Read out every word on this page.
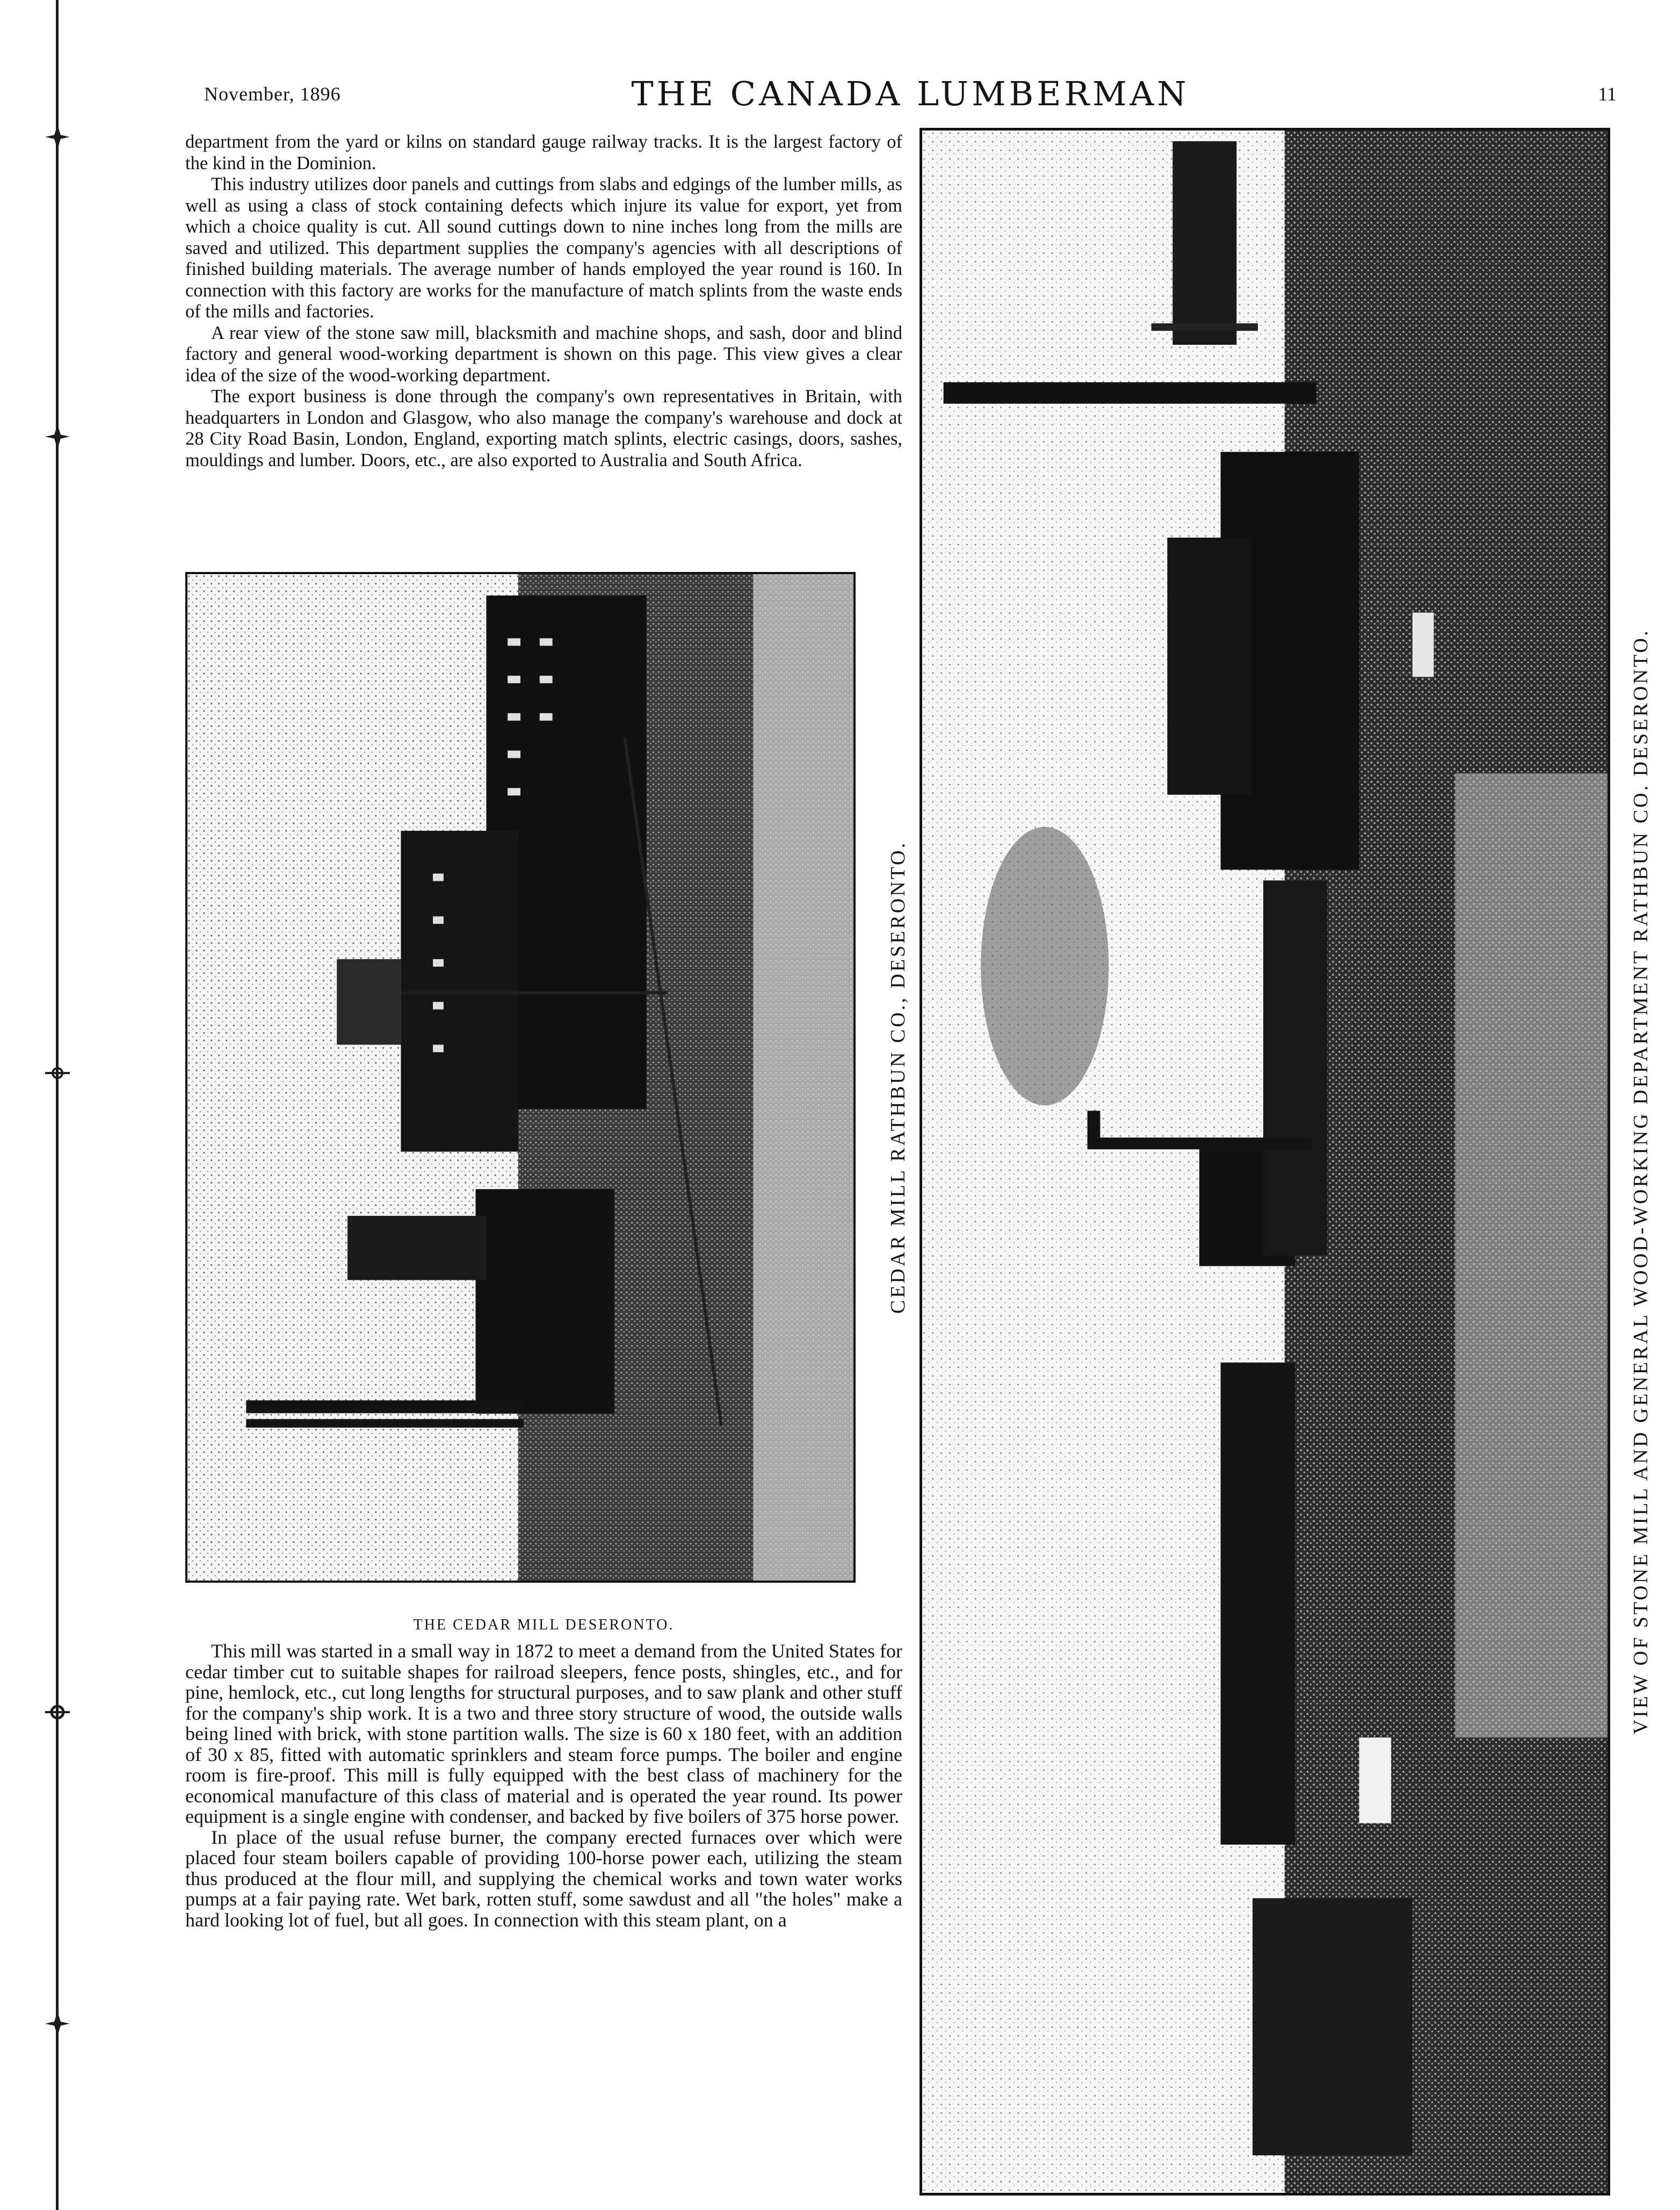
November, 1896	THE CANADA LUMBERMAN	11

department from the yard or kilns on standard gauge railway tracks. It is the largest factory of the kind in the Dominion.

This industry utilizes door panels and cuttings from slabs and edgings of the lumber mills, as well as using a class of stock containing defects which injure its value for export, yet from which a choice quality is cut. All sound cuttings down to nine inches long from the mills are saved and utilized. This department supplies the company's agencies with all descriptions of finished building materials. The average number of hands employed the year round is 160. In connection with this factory are works for the manufacture of match splints from the waste ends of the mills and factories.

A rear view of the stone saw mill, blacksmith and machine shops, and sash, door and blind factory and general wood-working department is shown on this page. This view gives a clear idea of the size of the wood-working department.

The export business is done through the company's own representatives in Britain, with headquarters in London and Glasgow, who also manage the company's warehouse and dock at 28 City Road Basin, London, England, exporting match splints, electric casings, doors, sashes, mouldings and lumber. Doors, etc., are also exported to Australia and South Africa.

CEDAR MILL RATHBUN CO., DESERONTO.
THE CEDAR MILL DESERONTO.

This mill was started in a small way in 1872 to meet a demand from the United States for cedar timber cut to suitable shapes for railroad sleepers, fence posts, shingles, etc., and for pine, hemlock, etc., cut long lengths for structural purposes, and to saw plank and other stuff for the company's ship work. It is a two and three story structure of wood, the outside walls being lined with brick, with stone partition walls. The size is 60 x 180 feet, with an addition of 30 x 85, fitted with automatic sprinklers and steam force pumps. The boiler and engine room is fire-proof. This mill is fully equipped with the best class of machinery for the economical manufacture of this class of material and is operated the year round. Its power equipment is a single engine with condenser, and backed by five boilers of 375 horse power.

In place of the usual refuse burner, the company erected furnaces over which were placed four steam boilers capable of providing 100-horse power each, utilizing the steam thus produced at the flour mill, and supplying the chemical works and town water works pumps at a fair paying rate. Wet bark, rotten stuff, some sawdust and all "the holes" make a hard looking lot of fuel, but all goes. In connection with this steam plant, on a

VIEW OF STONE MILL AND GENERAL WOOD-WORKING DEPARTMENT RATHBUN CO. DESERONTO.
